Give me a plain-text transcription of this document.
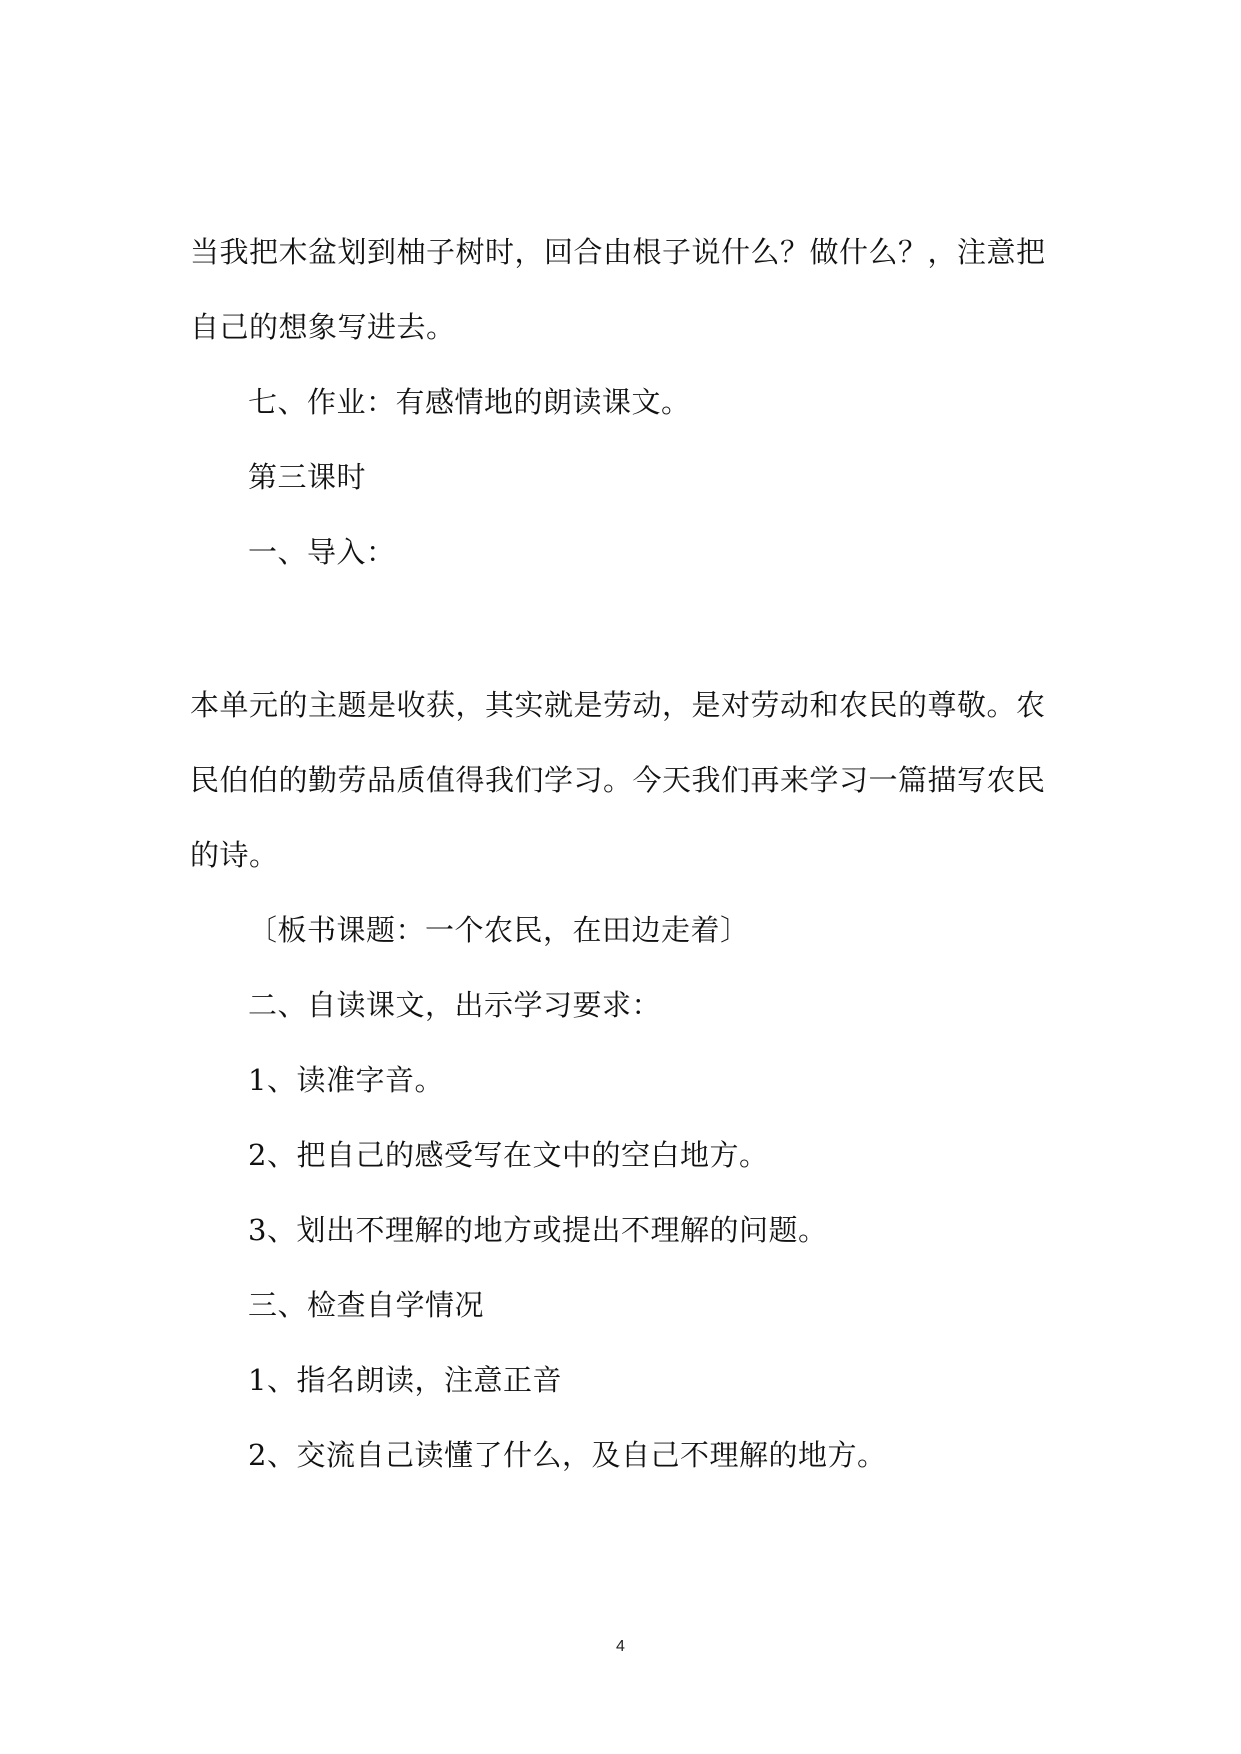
当我把木盆划到柚子树时，回合由根子说什么？做什么？，注意把
自己的想象写进去。
七、作业：有感情地的朗读课文。
第三课时
一、导入：
本单元的主题是收获，其实就是劳动，是对劳动和农民的尊敬。农
民伯伯的勤劳品质值得我们学习。今天我们再来学习一篇描写农民
的诗。
〔板书课题：一个农民，在田边走着〕
二、自读课文，出示学习要求：
1、读准字音。
2、把自己的感受写在文中的空白地方。
3、划出不理解的地方或提出不理解的问题。
三、检查自学情况
1、指名朗读，注意正音
2、交流自己读懂了什么，及自己不理解的地方。
4
